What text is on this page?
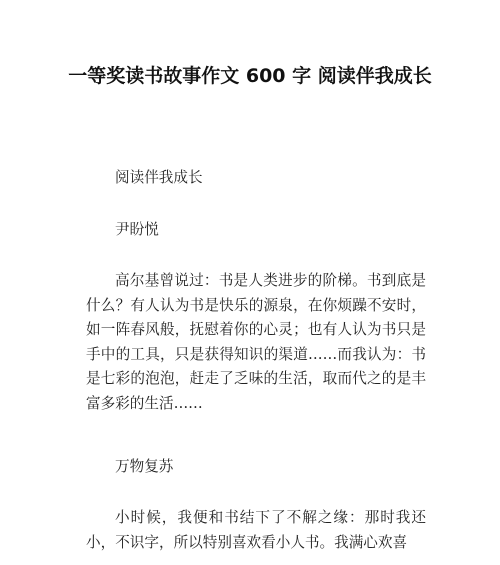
一等奖读书故事作文 600 字 阅读伴我成长

阅读伴我成长

尹盼悦

高尔基曾说过：书是人类进步的阶梯。书到底是什么？有人认为书是快乐的源泉，在你烦躁不安时，如一阵春风般，抚慰着你的心灵；也有人认为书只是手中的工具，只是获得知识的渠道……而我认为：书是七彩的泡泡，赶走了乏味的生活，取而代之的是丰富多彩的生活……

万物复苏

小时候，我便和书结下了不解之缘：那时我还小，不识字，所以特别喜欢看小人书。我满心欢喜
